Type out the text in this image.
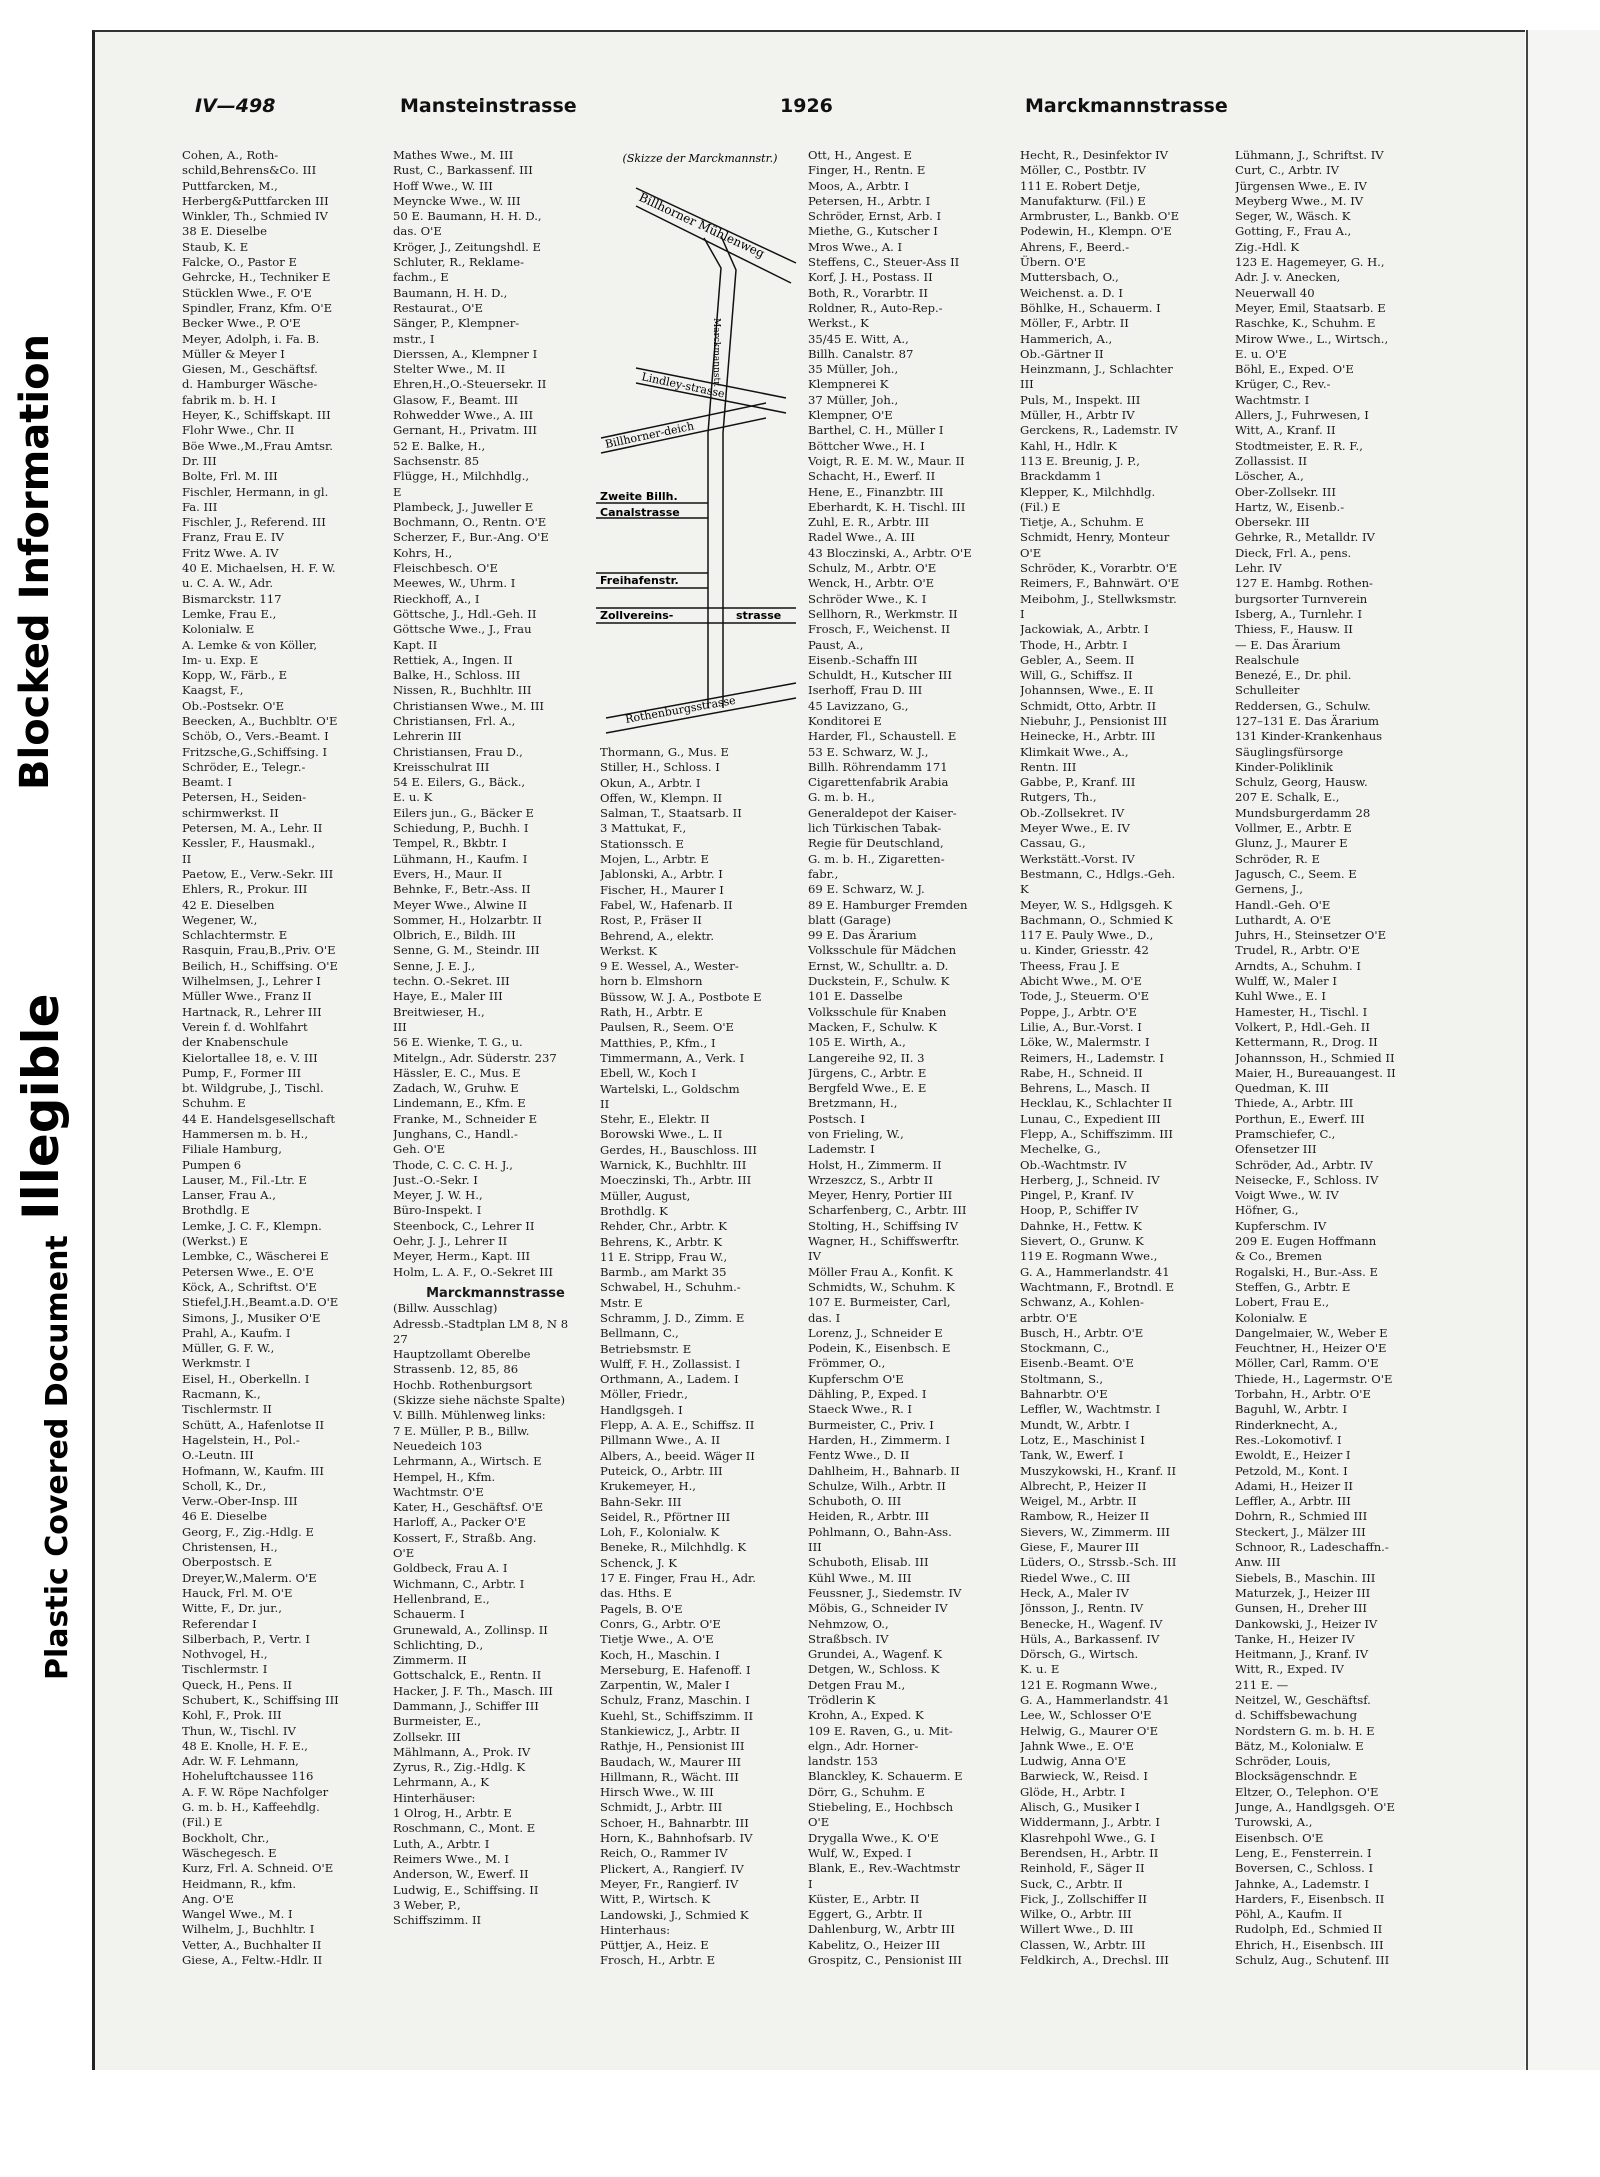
Blocked Information
Illegible
Plastic Covered Document
IV—498	Mansteinstrasse	1926	Marckmannstrasse
Cohen, A., Roth-
schild,Behrens&Co. III
Puttfarcken, M.,
Herberg&Puttfarcken III
Winkler, Th., Schmied IV
38 E. Dieselbe
Staub, K. E
Falcke, O., Pastor E
Gehrcke, H., Techniker E
Stücklen Wwe., F. O'E
Spindler, Franz, Kfm. O'E
Becker Wwe., P. O'E
Meyer, Adolph, i. Fa. B.
Müller & Meyer I
Giesen, M., Geschäftsf.
d. Hamburger Wäsche-
fabrik m. b. H. I
Heyer, K., Schiffskapt. III
Flohr Wwe., Chr. II
Böe Wwe.,M.,Frau Amtsr.
Dr. III
Bolte, Frl. M. III
Fischler, Hermann, in gl.
Fa. III
Fischler, J., Referend. III
Franz, Frau E. IV
Fritz Wwe. A. IV
40 E. Michaelsen, H. F. W.
u. C. A. W., Adr.
Bismarckstr. 117
Lemke, Frau E.,
Kolonialw. E
A. Lemke & von Köller,
Im- u. Exp. E
Kopp, W., Färb., E
Kaagst, F.,
Ob.-Postsekr. O'E
Beecken, A., Buchbltr. O'E
Schöb, O., Vers.-Beamt. I
Fritzsche,G.,Schiffsing. I
Schröder, E., Telegr.-
Beamt. I
Petersen, H., Seiden-
schirmwerkst. II
Petersen, M. A., Lehr. II
Kessler, F., Hausmakl.,
II
Paetow, E., Verw.-Sekr. III
Ehlers, R., Prokur. III
42 E. Dieselben
Wegener, W.,
Schlachtermstr. E
Rasquin, Frau,B.,Priv. O'E
Beilich, H., Schiffsing. O'E
Wilhelmsen, J., Lehrer I
Müller Wwe., Franz II
Hartnack, R., Lehrer III
Verein f. d. Wohlfahrt
der Knabenschule
Kielortallee 18, e. V. III
Pump, F., Former III
bt. Wildgrube, J., Tischl.
Schuhm. E
44 E. Handelsgesellschaft
Hammersen m. b. H.,
Filiale Hamburg,
Pumpen 6
Lauser, M., Fil.-Ltr. E
Lanser, Frau A.,
Brothdlg. E
Lemke, J. C. F., Klempn.
(Werkst.) E
Lembke, C., Wäscherei E
Petersen Wwe., E. O'E
Köck, A., Schriftst. O'E
Stiefel,J.H.,Beamt.a.D. O'E
Simons, J., Musiker O'E
Prahl, A., Kaufm. I
Müller, G. F. W.,
Werkmstr. I
Eisel, H., Oberkelln. I
Racmann, K.,
Tischlermstr. II
Schütt, A., Hafenlotse II
Hagelstein, H., Pol.-
O.-Leutn. III
Hofmann, W., Kaufm. III
Scholl, K., Dr.,
Verw.-Ober-Insp. III
46 E. Dieselbe
Georg, F., Zig.-Hdlg. E
Christensen, H.,
Oberpostsch. E
Dreyer,W.,Malerm. O'E
Hauck, Frl. M. O'E
Witte, F., Dr. jur.,
Referendar I
Silberbach, P., Vertr. I
Nothvogel, H.,
Tischlermstr. I
Queck, H., Pens. II
Schubert, K., Schiffsing III
Kohl, F., Prok. III
Thun, W., Tischl. IV
48 E. Knolle, H. F. E.,
Adr. W. F. Lehmann,
Hoheluftchaussee 116
A. F. W. Röpe Nachfolger
G. m. b. H., Kaffeehdlg.
(Fil.) E
Bockholt, Chr.,
Wäschegesch. E
Kurz, Frl. A. Schneid. O'E
Heidmann, R., kfm.
Ang. O'E
Wangel Wwe., M. I
Wilhelm, J., Buchhltr. I
Vetter, A., Buchhalter II
Giese, A., Feltw.-Hdlr. II
Mathes Wwe., M. III
Rust, C., Barkassenf. III
Hoff Wwe., W. III
Meyncke Wwe., W. III
50 E. Baumann, H. H. D.,
das. O'E
Kröger, J., Zeitungshdl. E
Schluter, R., Reklame-
fachm., E
Baumann, H. H. D.,
Restaurat., O'E
Sänger, P., Klempner-
mstr., I
Dierssen, A., Klempner I
Stelter Wwe., M. II
Ehren,H.,O.-Steuersekr. II
Glasow, F., Beamt. III
Rohwedder Wwe., A. III
Gernant, H., Privatm. III
52 E. Balke, H.,
Sachsenstr. 85
Flügge, H., Milchhdlg.,
E
Plambeck, J., Juweller E
Bochmann, O., Rentn. O'E
Scherzer, F., Bur.-Ang. O'E
Kohrs, H.,
Fleischbesch. O'E
Meewes, W., Uhrm. I
Rieckhoff, A., I
Göttsche, J., Hdl.-Geh. II
Göttsche Wwe., J., Frau
Kapt. II
Rettiek, A., Ingen. II
Balke, H., Schloss. III
Nissen, R., Buchhltr. III
Christiansen Wwe., M. III
Christiansen, Frl. A.,
Lehrerin III
Christiansen, Frau D.,
Kreisschulrat III
54 E. Eilers, G., Bäck.,
E. u. K
Eilers jun., G., Bäcker E
Schiedung, P., Buchh. I
Tempel, R., Bkbtr. I
Lühmann, H., Kaufm. I
Evers, H., Maur. II
Behnke, F., Betr.-Ass. II
Meyer Wwe., Alwine II
Sommer, H., Holzarbtr. II
Olbrich, E., Bildh. III
Senne, G. M., Steindr. III
Senne, J. E. J.,
techn. O.-Sekret. III
Haye, E., Maler III
Breitwieser, H.,
III
56 E. Wienke, T. G., u.
Mitelgn., Adr. Süderstr. 237
Hässler, E. C., Mus. E
Zadach, W., Gruhw. E
Lindemann, E., Kfm. E
Franke, M., Schneider E
Junghans, C., Handl.-
Geh. O'E
Thode, C. C. C. H. J.,
Just.-O.-Sekr. I
Meyer, J. W. H.,
Büro-Inspekt. I
Steenbock, C., Lehrer II
Oehr, J. J., Lehrer II
Meyer, Herm., Kapt. III
Holm, L. A. F., O.-Sekret III
Marckmannstrasse
(Billw. Ausschlag)
Adressb.-Stadtplan LM 8, N 8
27
Hauptzollamt Oberelbe
Strassenb. 12, 85, 86
Hochb. Rothenburgsort
(Skizze siehe nächste Spalte)
V. Billh. Mühlenweg links:
7 E. Müller, P. B., Billw.
Neuedeich 103
Lehrmann, A., Wirtsch. E
Hempel, H., Kfm.
Wachtmstr. O'E
Kater, H., Geschäftsf. O'E
Harloff, A., Packer O'E
Kossert, F., Straßb. Ang.
O'E
Goldbeck, Frau A. I
Wichmann, C., Arbtr. I
Hellenbrand, E.,
Schauerm. I
Grunewald, A., Zollinsp. II
Schlichting, D.,
Zimmerm. II
Gottschalck, E., Rentn. II
Hacker, J. F. Th., Masch. III
Dammann, J., Schiffer III
Burmeister, E.,
Zollsekr. III
Mählmann, A., Prok. IV
Zyrus, R., Zig.-Hdlg. K
Lehrmann, A., K
Hinterhäuser:
1 Olrog, H., Arbtr. E
Roschmann, C., Mont. E
Luth, A., Arbtr. I
Reimers Wwe., M. I
Anderson, W., Ewerf. II
Ludwig, E., Schiffsing. II
3 Weber, P.,
Schiffszimm. II
(Skizze der Marckmannstr.)
Billhorner Mühlenweg
Marckmannstr.
Lindley-strasse
Billhorner-deich
Zweite Billh.
Canalstrasse
Freihafenstr.
Zollvereins-	strasse
Rothenburgsstrasse
Thormann, G., Mus. E
Stiller, H., Schloss. I
Okun, A., Arbtr. I
Offen, W., Klempn. II
Salman, T., Staatsarb. II
3 Mattukat, F.,
Stationssch. E
Mojen, L., Arbtr. E
Jablonski, A., Arbtr. I
Fischer, H., Maurer I
Fabel, W., Hafenarb. II
Rost, P., Fräser II
Behrend, A., elektr.
Werkst. K
9 E. Wessel, A., Wester-
horn b. Elmshorn
Büssow, W. J. A., Postbote E
Rath, H., Arbtr. E
Paulsen, R., Seem. O'E
Matthies, P., Kfm., I
Timmermann, A., Verk. I
Ebell, W., Koch I
Wartelski, L., Goldschm
II
Stehr, E., Elektr. II
Borowski Wwe., L. II
Gerdes, H., Bauschloss. III
Warnick, K., Buchhltr. III
Moeczinski, Th., Arbtr. III
Müller, August,
Brothdlg. K
Rehder, Chr., Arbtr. K
Behrens, K., Arbtr. K
11 E. Stripp, Frau W.,
Barmb., am Markt 35
Schwabel, H., Schuhm.-
Mstr. E
Schramm, J. D., Zimm. E
Bellmann, C.,
Betriebsmstr. E
Wulff, F. H., Zollassist. I
Orthmann, A., Ladem. I
Möller, Friedr.,
Handlgsgeh. I
Flepp, A. A. E., Schiffsz. II
Pillmann Wwe., A. II
Albers, A., beeid. Wäger II
Puteick, O., Arbtr. III
Krukemeyer, H.,
Bahn-Sekr. III
Seidel, R., Pförtner III
Loh, F., Kolonialw. K
Beneke, R., Milchhdlg. K
Schenck, J. K
17 E. Finger, Frau H., Adr.
das. Hths. E
Pagels, B. O'E
Conrs, G., Arbtr. O'E
Tietje Wwe., A. O'E
Koch, H., Maschin. I
Merseburg, E. Hafenoff. I
Zarpentin, W., Maler I
Schulz, Franz, Maschin. I
Kuehl, St., Schiffszimm. II
Stankiewicz, J., Arbtr. II
Rathje, H., Pensionist III
Baudach, W., Maurer III
Hillmann, R., Wächt. III
Hirsch Wwe., W. III
Schmidt, J., Arbtr. III
Schoer, H., Bahnarbtr. III
Horn, K., Bahnhofsarb. IV
Reich, O., Rammer IV
Plickert, A., Rangierf. IV
Meyer, Fr., Rangierf. IV
Witt, P., Wirtsch. K
Landowski, J., Schmied K
Hinterhaus:
Püttjer, A., Heiz. E
Frosch, H., Arbtr. E
Ott, H., Angest. E
Finger, H., Rentn. E
Moos, A., Arbtr. I
Petersen, H., Arbtr. I
Schröder, Ernst, Arb. I
Miethe, G., Kutscher I
Mros Wwe., A. I
Steffens, C., Steuer-Ass II
Korf, J. H., Postass. II
Both, R., Vorarbtr. II
Roldner, R., Auto-Rep.-
Werkst., K
35/45 E. Witt, A.,
Billh. Canalstr. 87
35 Müller, Joh.,
Klempnerei K
37 Müller, Joh.,
Klempner, O'E
Barthel, C. H., Müller I
Böttcher Wwe., H. I
Voigt, R. E. M. W., Maur. II
Schacht, H., Ewerf. II
Hene, E., Finanzbtr. III
Eberhardt, K. H. Tischl. III
Zuhl, E. R., Arbtr. III
Radel Wwe., A. III
43 Bloczinski, A., Arbtr. O'E
Schulz, M., Arbtr. O'E
Wenck, H., Arbtr. O'E
Schröder Wwe., K. I
Sellhorn, R., Werkmstr. II
Frosch, F., Weichenst. II
Paust, A.,
Eisenb.-Schaffn III
Schuldt, H., Kutscher III
Iserhoff, Frau D. III
45 Lavizzano, G.,
Konditorei E
Harder, Fl., Schaustell. E
53 E. Schwarz, W. J.,
Billh. Röhrendamm 171
Cigarettenfabrik Arabia
G. m. b. H.,
Generaldepot der Kaiser-
lich Türkischen Tabak-
Regie für Deutschland,
G. m. b. H., Zigaretten-
fabr.,
69 E. Schwarz, W. J.
89 E. Hamburger Fremden
blatt (Garage)
99 E. Das Ärarium
Volksschule für Mädchen
Ernst, W., Schulltr. a. D.
Duckstein, F., Schulw. K
101 E. Dasselbe
Volksschule für Knaben
Macken, F., Schulw. K
105 E. Wirth, A.,
Langereihe 92, II. 3
Jürgens, C., Arbtr. E
Bergfeld Wwe., E. E
Bretzmann, H.,
Postsch. I
von Frieling, W.,
Lademstr. I
Holst, H., Zimmerm. II
Wrzeszcz, S., Arbtr II
Meyer, Henry, Portier III
Scharfenberg, C., Arbtr. III
Stolting, H., Schiffsing IV
Wagner, H., Schiffswerftr.
IV
Möller Frau A., Konfit. K
Schmidts, W., Schuhm. K
107 E. Burmeister, Carl,
das. I
Lorenz, J., Schneider E
Podein, K., Eisenbsch. E
Frömmer, O.,
Kupferschm O'E
Dähling, P., Exped. I
Staeck Wwe., R. I
Burmeister, C., Priv. I
Harden, H., Zimmerm. I
Fentz Wwe., D. II
Dahlheim, H., Bahnarb. II
Schulze, Wilh., Arbtr. II
Schuboth, O. III
Heiden, R., Arbtr. III
Pohlmann, O., Bahn-Ass.
III
Schuboth, Elisab. III
Kühl Wwe., M. III
Feussner, J., Siedemstr. IV
Möbis, G., Schneider IV
Nehmzow, O.,
Straßbsch. IV
Grundei, A., Wagenf. K
Detgen, W., Schloss. K
Detgen Frau M.,
Trödlerin K
Krohn, A., Exped. K
109 E. Raven, G., u. Mit-
elgn., Adr. Horner-
landstr. 153
Blanckley, K. Schauerm. E
Dörr, G., Schuhm. E
Stiebeling, E., Hochbsch
O'E
Drygalla Wwe., K. O'E
Wulf, W., Exped. I
Blank, E., Rev.-Wachtmstr
I
Küster, E., Arbtr. II
Eggert, G., Arbtr. II
Dahlenburg, W., Arbtr III
Kabelitz, O., Heizer III
Grospitz, C., Pensionist III
Hecht, R., Desinfektor IV
Möller, C., Postbtr. IV
111 E. Robert Detje,
Manufakturw. (Fil.) E
Armbruster, L., Bankb. O'E
Podewin, H., Klempn. O'E
Ahrens, F., Beerd.-
Übern. O'E
Muttersbach, O.,
Weichenst. a. D. I
Böhlke, H., Schauerm. I
Möller, F., Arbtr. II
Hammerich, A.,
Ob.-Gärtner II
Heinzmann, J., Schlachter
III
Puls, M., Inspekt. III
Müller, H., Arbtr IV
Gerckens, R., Lademstr. IV
Kahl, H., Hdlr. K
113 E. Breunig, J. P.,
Brackdamm 1
Klepper, K., Milchhdlg.
(Fil.) E
Tietje, A., Schuhm. E
Schmidt, Henry, Monteur
O'E
Schröder, K., Vorarbtr. O'E
Reimers, F., Bahnwärt. O'E
Meibohm, J., Stellwksmstr.
I
Jackowiak, A., Arbtr. I
Thode, H., Arbtr. I
Gebler, A., Seem. II
Will, G., Schiffsz. II
Johannsen, Wwe., E. II
Schmidt, Otto, Arbtr. II
Niebuhr, J., Pensionist III
Heinecke, H., Arbtr. III
Klimkait Wwe., A.,
Rentn. III
Gabbe, P., Kranf. III
Rutgers, Th.,
Ob.-Zollsekret. IV
Meyer Wwe., E. IV
Cassau, G.,
Werkstätt.-Vorst. IV
Bestmann, C., Hdlgs.-Geh.
K
Meyer, W. S., Hdlgsgeh. K
Bachmann, O., Schmied K
117 E. Pauly Wwe., D.,
u. Kinder, Griesstr. 42
Theess, Frau J. E
Abicht Wwe., M. O'E
Tode, J., Steuerm. O'E
Poppe, J., Arbtr. O'E
Lilie, A., Bur.-Vorst. I
Löke, W., Malermstr. I
Reimers, H., Lademstr. I
Rabe, H., Schneid. II
Behrens, L., Masch. II
Hecklau, K., Schlachter II
Lunau, C., Expedient III
Flepp, A., Schiffszimm. III
Mechelke, G.,
Ob.-Wachtmstr. IV
Herberg, J., Schneid. IV
Pingel, P., Kranf. IV
Hoop, P., Schiffer IV
Dahnke, H., Fettw. K
Sievert, O., Grunw. K
119 E. Rogmann Wwe.,
G. A., Hammerlandstr. 41
Wachtmann, F., Brotndl. E
Schwanz, A., Kohlen-
arbtr. O'E
Busch, H., Arbtr. O'E
Stockmann, C.,
Eisenb.-Beamt. O'E
Stoltmann, S.,
Bahnarbtr. O'E
Leffler, W., Wachtmstr. I
Mundt, W., Arbtr. I
Lotz, E., Maschinist I
Tank, W., Ewerf. I
Muszykowski, H., Kranf. II
Albrecht, P., Heizer II
Weigel, M., Arbtr. II
Rambow, R., Heizer II
Sievers, W., Zimmerm. III
Giese, F., Maurer III
Lüders, O., Strssb.-Sch. III
Riedel Wwe., C. III
Heck, A., Maler IV
Jönsson, J., Rentn. IV
Benecke, H., Wagenf. IV
Hüls, A., Barkassenf. IV
Dörsch, G., Wirtsch.
K. u. E
121 E. Rogmann Wwe.,
G. A., Hammerlandstr. 41
Lee, W., Schlosser O'E
Helwig, G., Maurer O'E
Jahnk Wwe., E. O'E
Ludwig, Anna O'E
Barwieck, W., Reisd. I
Glöde, H., Arbtr. I
Alisch, G., Musiker I
Widdermann, J., Arbtr. I
Klasrehpohl Wwe., G. I
Berendsen, H., Arbtr. II
Reinhold, F., Säger II
Suck, C., Arbtr. II
Fick, J., Zollschiffer II
Wilke, O., Arbtr. III
Willert Wwe., D. III
Classen, W., Arbtr. III
Feldkirch, A., Drechsl. III
Lühmann, J., Schriftst. IV
Curt, C., Arbtr. IV
Jürgensen Wwe., E. IV
Meyberg Wwe., M. IV
Seger, W., Wäsch. K
Gotting, F., Frau A.,
Zig.-Hdl. K
123 E. Hagemeyer, G. H.,
Adr. J. v. Anecken,
Neuerwall 40
Meyer, Emil, Staatsarb. E
Raschke, K., Schuhm. E
Mirow Wwe., L., Wirtsch.,
E. u. O'E
Böhl, E., Exped. O'E
Krüger, C., Rev.-
Wachtmstr. I
Allers, J., Fuhrwesen, I
Witt, A., Kranf. II
Stodtmeister, E. R. F.,
Zollassist. II
Löscher, A.,
Ober-Zollsekr. III
Hartz, W., Eisenb.-
Obersekr. III
Gehrke, R., Metalldr. IV
Dieck, Frl. A., pens.
Lehr. IV
127 E. Hambg. Rothen-
burgsorter Turnverein
Isberg, A., Turnlehr. I
Thiess, F., Hausw. II
— E. Das Ärarium
Realschule
Benezé, E., Dr. phil.
Schulleiter
Reddersen, G., Schulw.
127–131 E. Das Ärarium
131 Kinder-Krankenhaus
Säuglingsfürsorge
Kinder-Poliklinik
Schulz, Georg, Hausw.
207 E. Schalk, E.,
Mundsburgerdamm 28
Vollmer, E., Arbtr. E
Glunz, J., Maurer E
Schröder, R. E
Jagusch, C., Seem. E
Gernens, J.,
Handl.-Geh. O'E
Luthardt, A. O'E
Juhrs, H., Steinsetzer O'E
Trudel, R., Arbtr. O'E
Arndts, A., Schuhm. I
Wulff, W., Maler I
Kuhl Wwe., E. I
Hamester, H., Tischl. I
Volkert, P., Hdl.-Geh. II
Kettermann, R., Drog. II
Johannsson, H., Schmied II
Maier, H., Bureauangest. II
Quedman, K. III
Thiede, A., Arbtr. III
Porthun, E., Ewerf. III
Pramschiefer, C.,
Ofensetzer III
Schröder, Ad., Arbtr. IV
Neisecke, F., Schloss. IV
Voigt Wwe., W. IV
Höfner, G.,
Kupferschm. IV
209 E. Eugen Hoffmann
& Co., Bremen
Rogalski, H., Bur.-Ass. E
Steffen, G., Arbtr. E
Lobert, Frau E.,
Kolonialw. E
Dangelmaier, W., Weber E
Feuchtner, H., Heizer O'E
Möller, Carl, Ramm. O'E
Thiede, H., Lagermstr. O'E
Torbahn, H., Arbtr. O'E
Baguhl, W., Arbtr. I
Rinderknecht, A.,
Res.-Lokomotivf. I
Ewoldt, E., Heizer I
Petzold, M., Kont. I
Adami, H., Heizer II
Leffler, A., Arbtr. III
Dohrn, R., Schmied III
Steckert, J., Mälzer III
Schnoor, R., Ladeschaffn.-
Anw. III
Siebels, B., Maschin. III
Maturzek, J., Heizer III
Gunsen, H., Dreher III
Dankowski, J., Heizer IV
Tanke, H., Heizer IV
Heitmann, J., Kranf. IV
Witt, R., Exped. IV
211 E. —
Neitzel, W., Geschäftsf.
d. Schiffsbewachung
Nordstern G. m. b. H. E
Bätz, M., Kolonialw. E
Schröder, Louis,
Blocksägenschndr. E
Eltzer, O., Telephon. O'E
Junge, A., Handlgsgeh. O'E
Turowski, A.,
Eisenbsch. O'E
Leng, E., Fensterrein. I
Boversen, C., Schloss. I
Jahnke, A., Lademstr. I
Harders, F., Eisenbsch. II
Pöhl, A., Kaufm. II
Rudolph, Ed., Schmied II
Ehrich, H., Eisenbsch. III
Schulz, Aug., Schutenf. III
